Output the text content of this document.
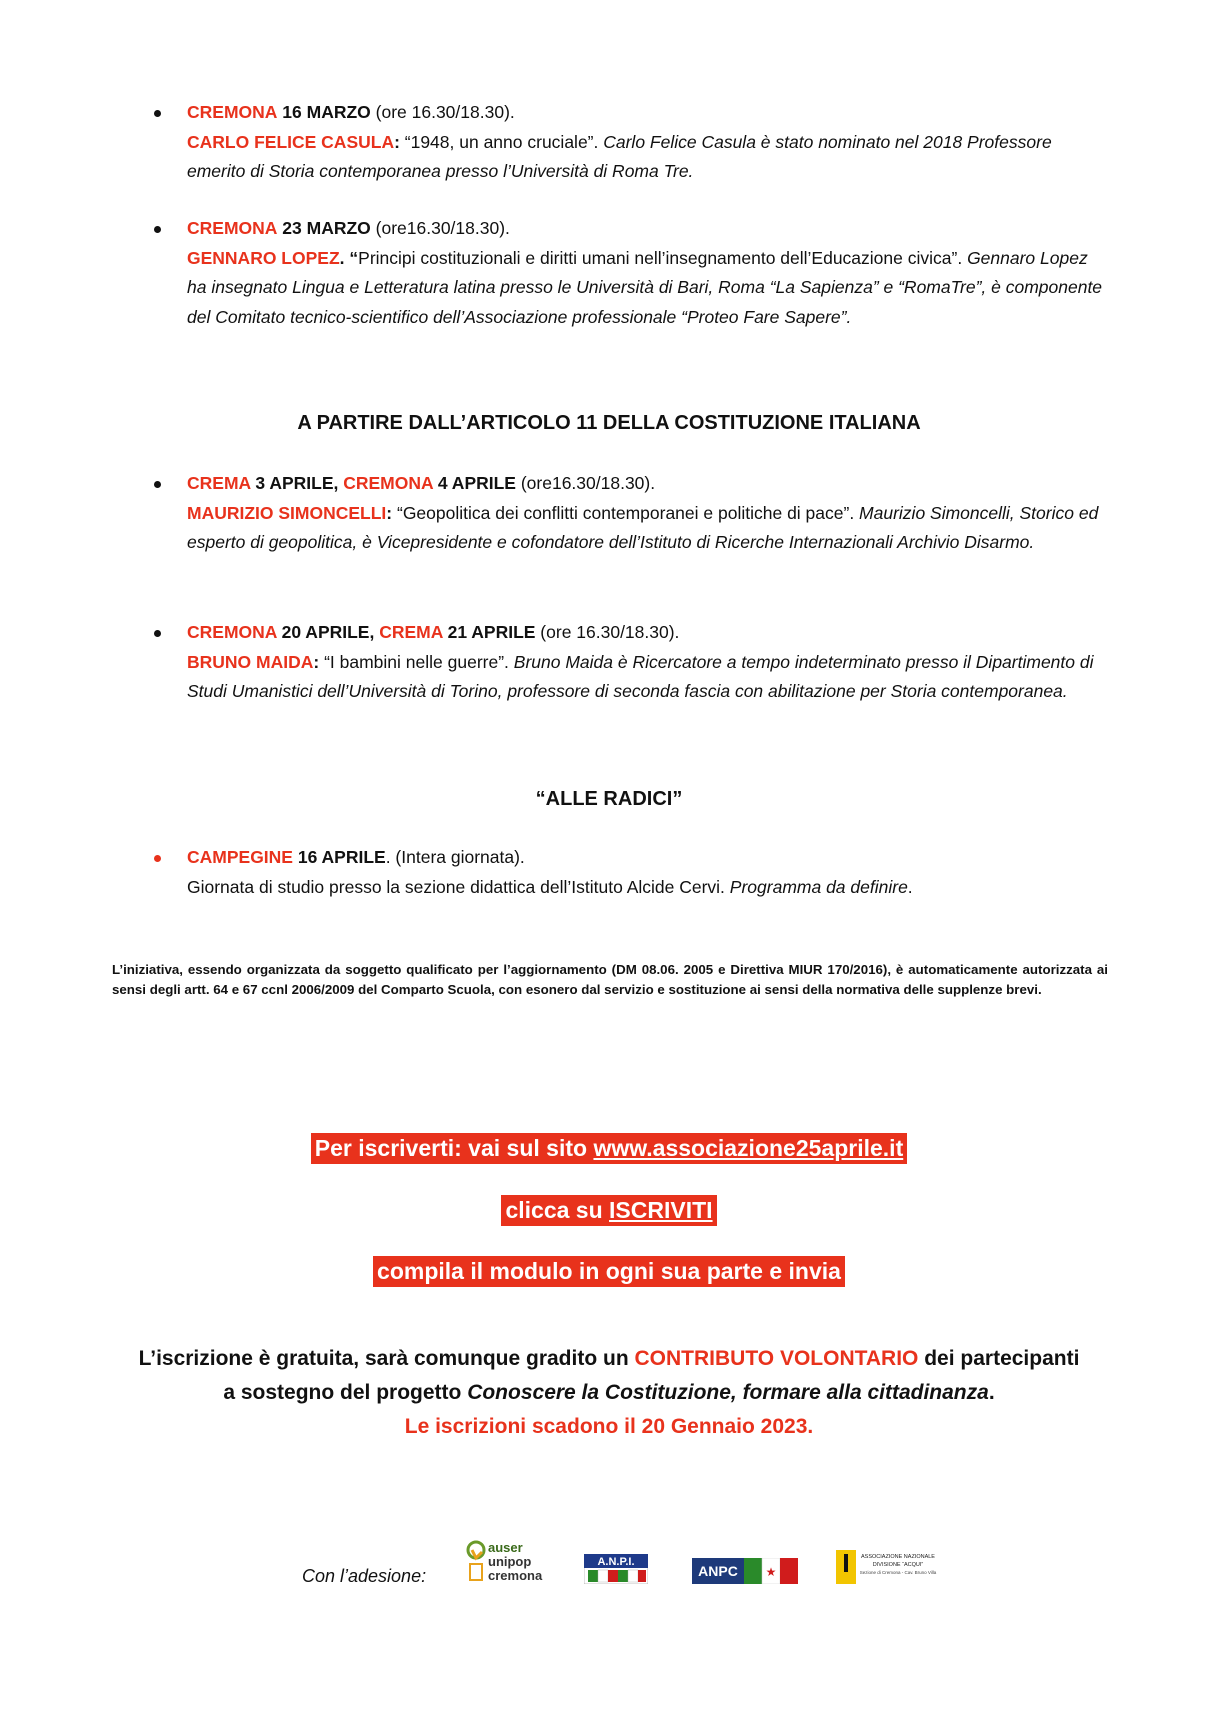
CREMONA 16 MARZO (ore 16.30/18.30).
CARLO FELICE CASULA: “1948, un anno cruciale”. Carlo Felice Casula è stato nominato nel 2018 Professore emerito di Storia contemporanea presso l’Università di Roma Tre.
CREMONA 23 MARZO (ore16.30/18.30).
GENNARO LOPEZ. “Principi costituzionali e diritti umani nell’insegnamento dell’Educazione civica”. Gennaro Lopez ha insegnato Lingua e Letteratura latina presso le Università di Bari, Roma “La Sapienza” e “RomaTre”, è componente del Comitato tecnico-scientifico dell’Associazione professionale “Proteo Fare Sapere”.
A PARTIRE DALL’ARTICOLO 11 DELLA COSTITUZIONE ITALIANA
CREMA 3 APRILE, CREMONA 4 APRILE (ore16.30/18.30).
MAURIZIO SIMONCELLI: “Geopolitica dei conflitti contemporanei e politiche di pace”. Maurizio Simoncelli, Storico ed esperto di geopolitica, è Vicepresidente e cofondatore dell’Istituto di Ricerche Internazionali Archivio Disarmo.
CREMONA 20 APRILE, CREMA 21 APRILE (ore 16.30/18.30).
BRUNO MAIDA: “I bambini nelle guerre”. Bruno Maida è Ricercatore a tempo indeterminato presso il Dipartimento di Studi Umanistici dell’Università di Torino, professore di seconda fascia con abilitazione per Storia contemporanea.
“ALLE RADICI”
CAMPEGINE 16 APRILE. (Intera giornata).
Giornata di studio presso la sezione didattica dell’Istituto Alcide Cervi. Programma da definire.
L’iniziativa, essendo organizzata da soggetto qualificato per l’aggiornamento (DM 08.06. 2005 e Direttiva MIUR 170/2016), è automaticamente autorizzata ai sensi degli artt. 64 e 67 ccnl 2006/2009 del Comparto Scuola, con esonero dal servizio e sostituzione ai sensi della normativa delle supplenze brevi.
Per iscriverti: vai sul sito www.associazione25aprile.it
clicca su ISCRIVITI
compila il modulo in ogni sua parte e invia
L’iscrizione è gratuita, sarà comunque gradito un CONTRIBUTO VOLONTARIO dei partecipanti
a sostegno del progetto Conoscere la Costituzione, formare alla cittadinanza.
Le iscrizioni scadono il 20 Gennaio 2023.
Con l’adesione:
auser
unipop
cremona
A.N.P.I.
ANPC ★
ASSOCIAZIONE NAZIONALE
DIVISIONE “ACQUI”
Sezione di Cremona - Cav. Bruno Villa
